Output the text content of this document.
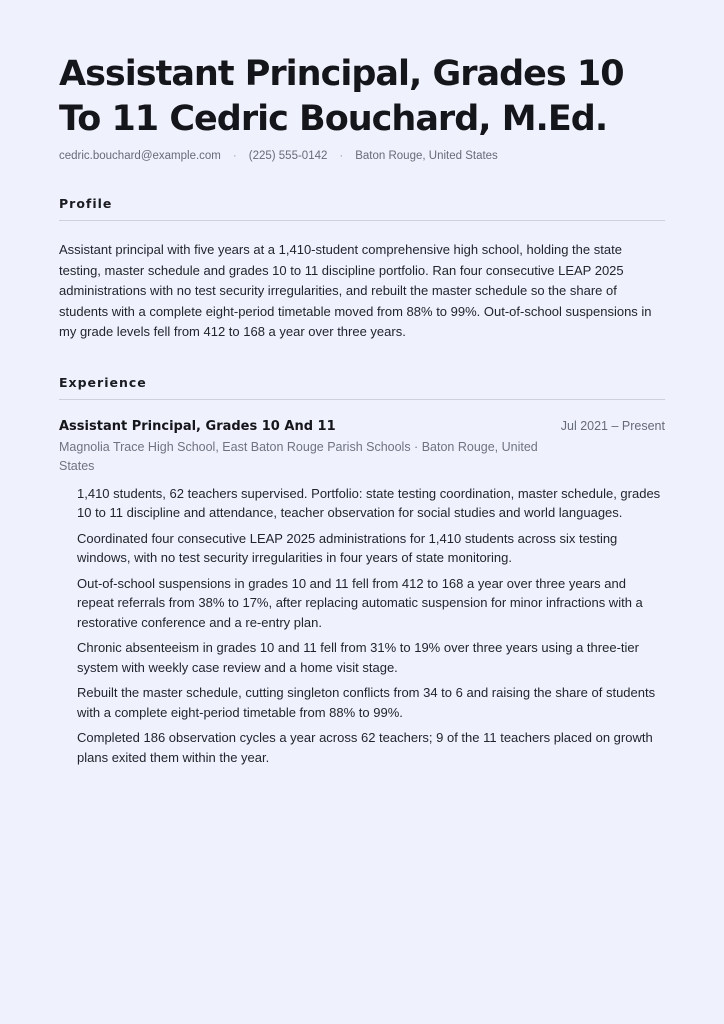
Assistant Principal, Grades 10 To 11 Cedric Bouchard, M.Ed.
cedric.bouchard@example.com · (225) 555-0142 · Baton Rouge, United States
Profile

Assistant principal with five years at a 1,410-student comprehensive high school, holding the state testing, master schedule and grades 10 to 11 discipline portfolio. Ran four consecutive LEAP 2025 administrations with no test security irregularities, and rebuilt the master schedule so the share of students with a complete eight-period timetable moved from 88% to 99%. Out-of-school suspensions in my grade levels fell from 412 to 168 a year over three years.

Experience
Assistant Principal, Grades 10 And 11	Jul 2021 – Present
Magnolia Trace High School, East Baton Rouge Parish Schools · Baton Rouge, United States
1,410 students, 62 teachers supervised. Portfolio: state testing coordination, master schedule, grades 10 to 11 discipline and attendance, teacher observation for social studies and world languages.
Coordinated four consecutive LEAP 2025 administrations for 1,410 students across six testing windows, with no test security irregularities in four years of state monitoring.
Out-of-school suspensions in grades 10 and 11 fell from 412 to 168 a year over three years and repeat referrals from 38% to 17%, after replacing automatic suspension for minor infractions with a restorative conference and a re-entry plan.
Chronic absenteeism in grades 10 and 11 fell from 31% to 19% over three years using a three-tier system with weekly case review and a home visit stage.
Rebuilt the master schedule, cutting singleton conflicts from 34 to 6 and raising the share of students with a complete eight-period timetable from 88% to 99%.
Completed 186 observation cycles a year across 62 teachers; 9 of the 11 teachers placed on growth plans exited them within the year.
